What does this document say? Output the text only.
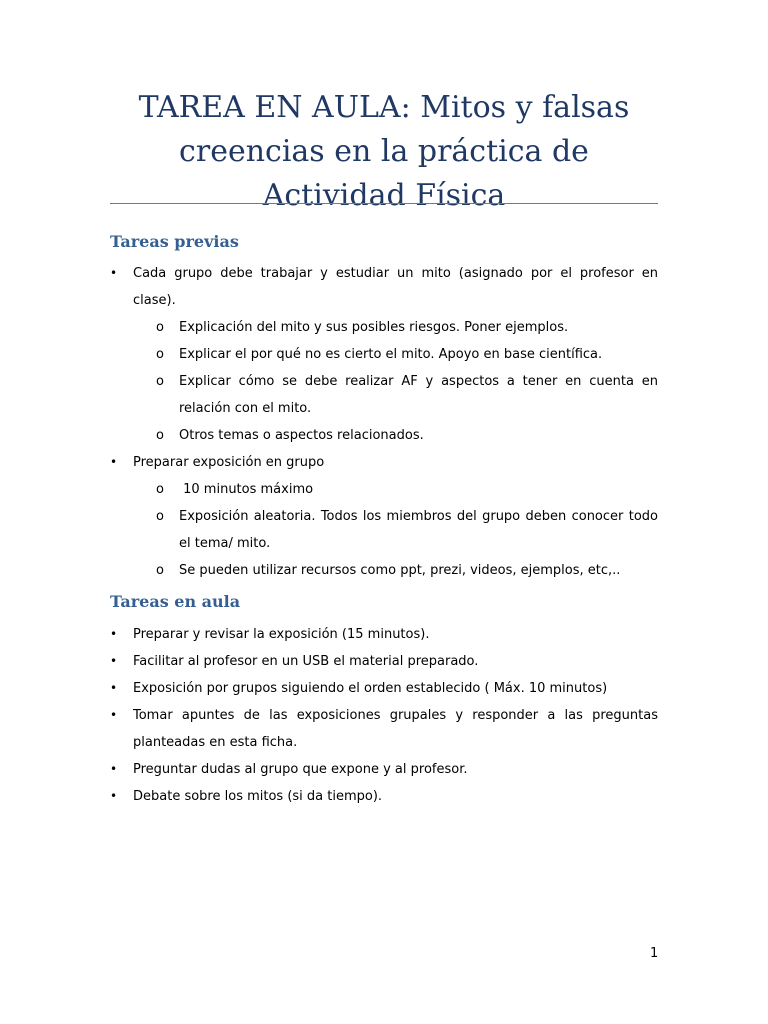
TAREA EN AULA: Mitos y falsas creencias en la práctica de Actividad Física
Tareas previas
• Cada grupo debe trabajar y estudiar un mito (asignado por el profesor en clase).
o Explicación del mito y sus posibles riesgos. Poner ejemplos.
o Explicar el por qué no es cierto el mito. Apoyo en base científica.
o Explicar cómo se debe realizar AF y aspectos a tener en cuenta en relación con el mito.
o Otros temas o aspectos relacionados.
• Preparar exposición en grupo
o 10 minutos máximo
o Exposición aleatoria. Todos los miembros del grupo deben conocer todo el tema/ mito.
o Se pueden utilizar recursos como ppt, prezi, videos, ejemplos, etc,..
Tareas en aula
• Preparar y revisar la exposición (15 minutos).
• Facilitar al profesor en un USB el material preparado.
• Exposición por grupos siguiendo el orden establecido ( Máx. 10 minutos)
• Tomar apuntes de las exposiciones grupales y responder a las preguntas planteadas en esta ficha.
• Preguntar dudas al grupo que expone y al profesor.
• Debate sobre los mitos (si da tiempo).
1
